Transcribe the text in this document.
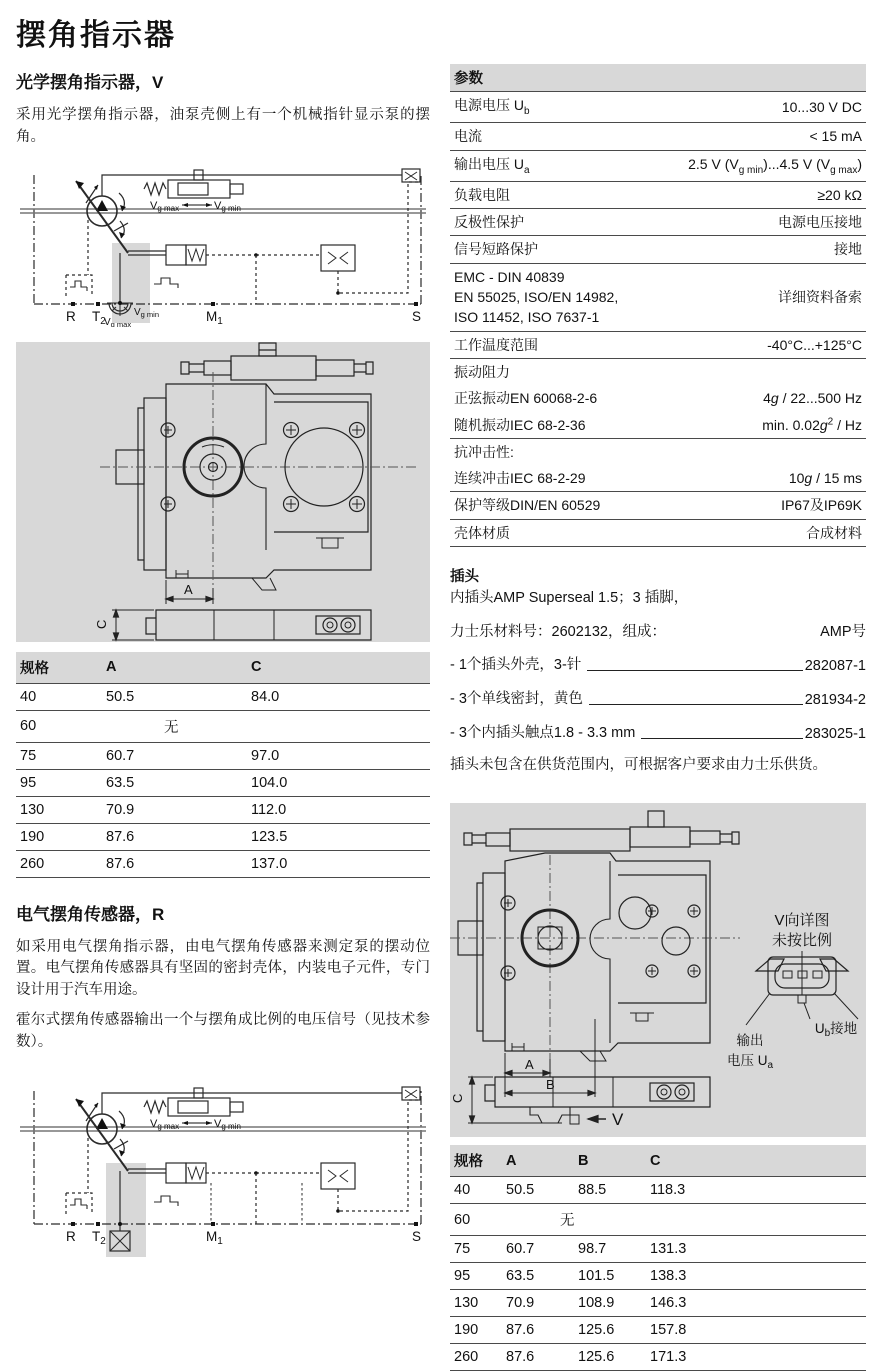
摆角指示器
光学摆角指示器，V

采用光学摆角指示器，油泵壳侧上有一个机械指针显示泵的摆角。

Vg max	Vg min
$V_{g min}$
$V_{g max}$
R $T_2$	$M_1$	S
A
C
规格	A	C
40	50.5	84.0
60	无	
75	60.7	97.0
95	63.5	104.0
130	70.9	112.0
190	87.6	123.5
260	87.6	137.0
电气摆角传感器，R

如采用电气摆角指示器，由电气摆角传感器来测定泵的摆动位置。电气摆角传感器具有坚固的密封壳体，内装电子元件，专门设计用于汽车用途。

霍尔式摆角传感器输出一个与摆角成比例的电压信号（见技术参数）。

Vg max	Vg min
R $T_2$	$M_1$	S
参数
电源电压 $U_b$	10...30 V DC
电流	< 15 mA
输出电压 $U_a$	2.5 V $(V_{g min})...4.5$ V $(V_{g max})$
负载电阻	≥20 kΩ
反极性保护	电源电压接地
信号短路保护	接地
EMC - DIN 40839
EN 55025, ISO/EN 14982,
ISO 11452, ISO 7637-1
详细资料备索
工作温度范围	-40°C...+125°C
振动阻力
正弦振动EN 60068-2-6	4g / 22...500 Hz
随机振动IEC 68-2-36	min. $0.02g^2$ / Hz
抗冲击性:
连续冲击IEC 68-2-29	10g / 15 ms
保护等级DIN/EN 60529	IP67及IP69K
壳体材质	合成材料

插头

内插头AMP Superseal 1.5；3 插脚，

力士乐材料号：2602132，组成：	AMP号
- 1个插头外壳，3-针	282087-1
- 3个单线密封，黄色	281934-2
- 3个内插头触点1.8 - 3.3 mm	283025-1

插头未包含在供货范围内，可根据客户要求由力士乐供货。

A
B
C
V
V向详图
未按比例
$U_b$接地
输出
电压 $U_a$
规格	A	B	C
40	50.5	88.5	118.3
60	无		
75	60.7	98.7	131.3
95	63.5	101.5	138.3
130	70.9	108.9	146.3
190	87.6	125.6	157.8
260	87.6	125.6	171.3
